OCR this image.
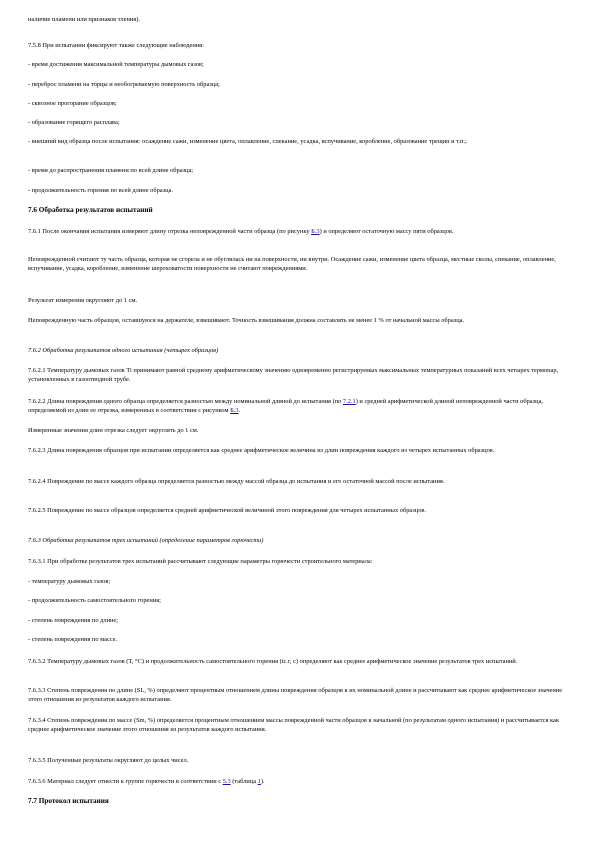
наличие пламени или признаков тления).
7.5.8 При испытании фиксируют также следующие наблюдения:
- время достижения максимальной температуры дымовых газов;
- переброс пламени на торцы и необогреваемую поверхность образца;
- сквозное прогорание образцов;
- образование горящего расплава;
- внешний вид образца после испытания: осаждение сажи, изменение цвета, оплавление, спекание, усадка, вспучивание, коробление, образование трещин и т.п.;
- время до распространения пламени по всей длине образца;
- продолжительность горения по всей длине образца.
7.6 Обработка результатов испытаний
7.6.1 После окончания испытания измеряют длину отрезка неповрежденной части образца (по рисунку Б.3) и определяют остаточную массу пяти образцов.
Неповрежденной считают ту часть образца, которая не сгорела и не обуглилась ни на поверхности, ни внутри. Осаждение сажи, изменение цвета образца, местные сколы, спекание, оплавление, вспучивание, усадка, коробление, изменение шероховатости поверхности не считают повреждениями.
Результат измерения округляют до 1 см.
Неповрежденную часть образцов, оставшуюся на держателе, взвешивают. Точность взвешивания должна составлять не менее 1 % от начальной массы образца.
7.6.2 Обработка результатов одного испытания (четырех образцов)
7.6.2.1 Температуру дымовых газов Ti принимают равной среднему арифметическому значению одновременно регистрируемых максимальных температурных показаний всех четырех термопар, установленных в газоотводной трубе.
7.6.2.2 Длина повреждения одного образца определяется разностью между номинальной длиной до испытания (по 7.2.1) и средней арифметической длиной неповрежденной части образца, определяемой из длин ее отрезка, измеренных в соответствии с рисунком Б.3.
Измеренные значения длин отрезка следует округлять до 1 см.
7.6.2.3 Длина повреждения образцов при испытании определяется как среднее арифметическое величина из длин повреждения каждого из четырех испытанных образцов.
7.6.2.4 Повреждение по массе каждого образца определяется разностью между массой образца до испытания и его остаточной массой после испытания.
7.6.2.5 Повреждение по массе образцов определяется средней арифметической величиной этого повреждения для четырех испытанных образцов.
7.6.3 Обработка результатов трех испытаний (определение параметров горючести)
7.6.3.1 При обработке результатов трех испытаний рассчитывают следующие параметры горючести строительного материала:
- температуру дымовых газов;
- продолжительность самостоятельного горения;
- степень повреждения по длине;
- степень повреждения по массе.
7.6.3.2 Температуру дымовых газов (T, °C) и продолжительность самостоятельного горения (tс.г, с) определяют как среднее арифметическое значение результатов трех испытаний.
7.6.3.3 Степень повреждения по длине (SL, %) определяют процентным отношением длины повреждения образцов к их номинальной длине и рассчитывают как среднее арифметическое значение этого отношения из результатов каждого испытания.
7.6.3.4 Степень повреждения по массе (Sm, %) определяется процентным отношением массы поврежденной части образцов к начальной (по результатам одного испытания) и рассчитывается как среднее арифметическое значение этого отношения из результатов каждого испытания.
7.6.3.5 Полученные результаты округляют до целых чисел.
7.6.3.6 Материал следует отнести к группе горючести в соответствии с 5.3 (таблица 1).
7.7 Протокол испытания
